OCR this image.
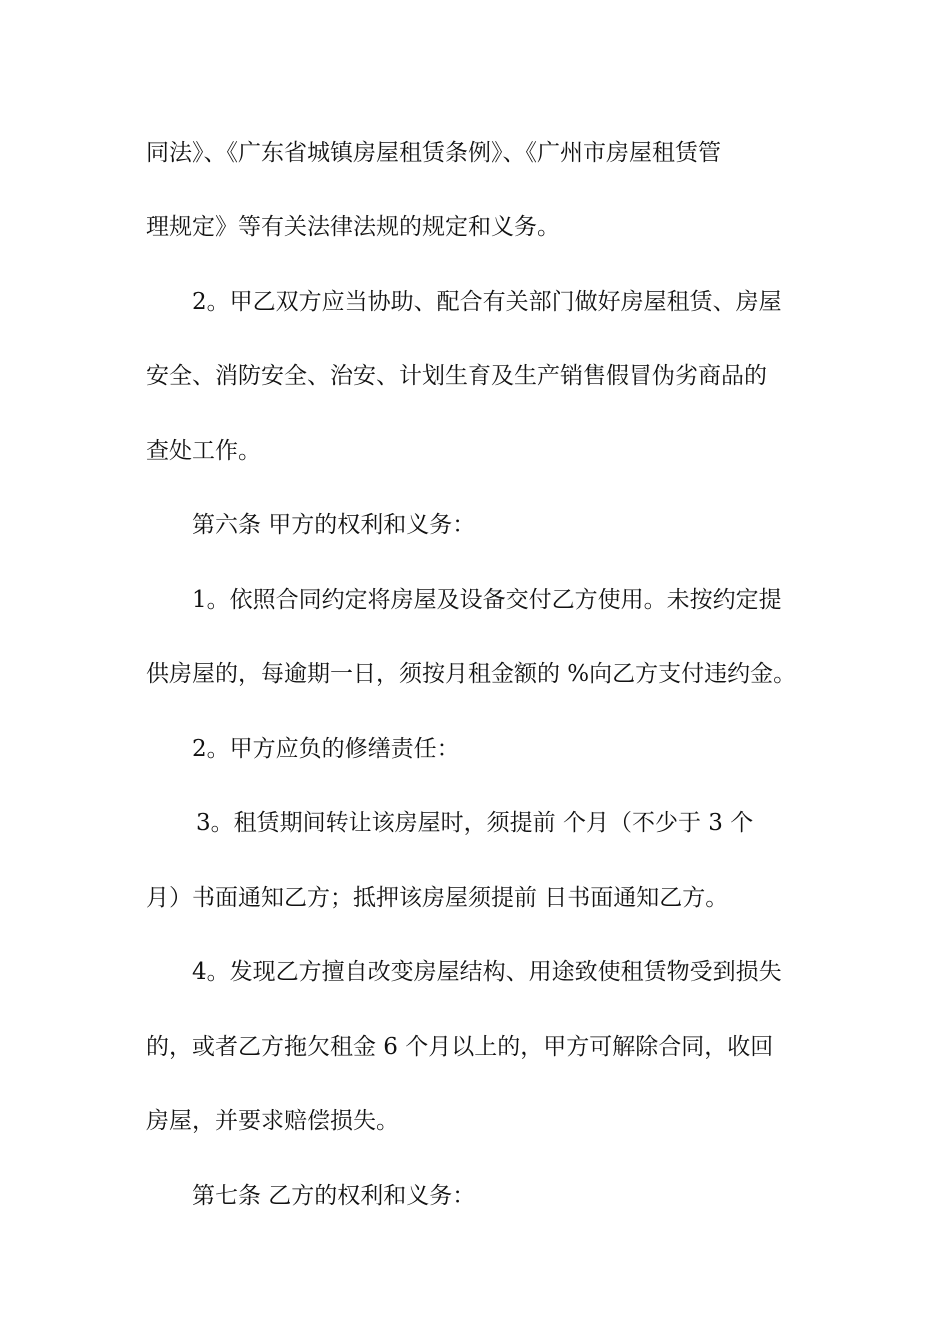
同法》、《广东省城镇房屋租赁条例》、《广州市房屋租赁管
理规定》等有关法律法规的规定和义务。
2。甲乙双方应当协助、配合有关部门做好房屋租赁、房屋
安全、消防安全、治安、计划生育及生产销售假冒伪劣商品的
查处工作。
第六条 甲方的权利和义务：
1。依照合同约定将房屋及设备交付乙方使用。未按约定提
供房屋的，每逾期一日，须按月租金额的 %向乙方支付违约金。
2。甲方应负的修缮责任：
3。租赁期间转让该房屋时，须提前 个月（不少于 3 个
月）书面通知乙方；抵押该房屋须提前 日书面通知乙方。
4。发现乙方擅自改变房屋结构、用途致使租赁物受到损失
的，或者乙方拖欠租金 6 个月以上的，甲方可解除合同，收回
房屋，并要求赔偿损失。
第七条 乙方的权利和义务：
